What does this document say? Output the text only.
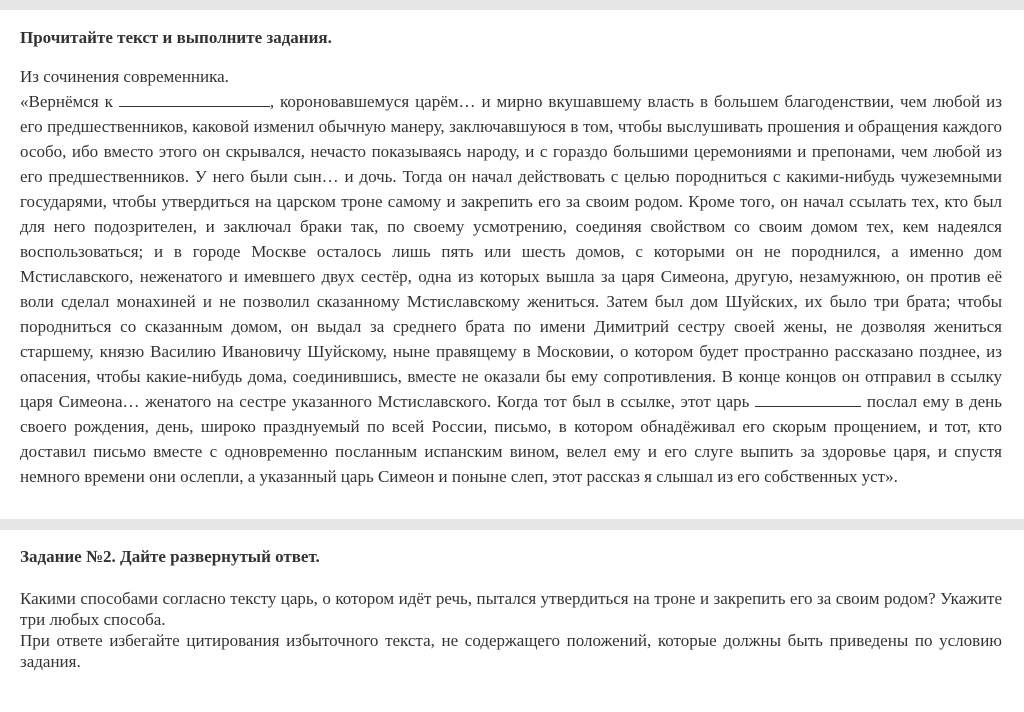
Прочитайте текст и выполните задания.

Из сочинения современника.

«Вернёмся к	, короновавшемуся царём… и мирно вкушавшему власть в большем благоденствии, чем любой из его предшественников, каковой изменил обычную манеру, заключавшуюся в том, чтобы выслушивать прошения и обращения каждого особо, ибо вместо этого он скрывался, нечасто показываясь народу, и с гораздо большими церемониями и препонами, чем любой из его предшественников. У него были сын… и дочь. Тогда он начал действовать с целью породниться с какими-нибудь чужеземными государями, чтобы утвердиться на царском троне самому и закрепить его за своим родом. Кроме того, он начал ссылать тех, кто был для него подозрителен, и заключал браки так, по своему усмотрению, соединяя свойством со своим домом тех, кем надеялся воспользоваться; и в городе Москве осталось лишь пять или шесть домов, с которыми он не породнился, а именно дом Мстиславского, неженатого и имевшего двух сестёр, одна из которых вышла за царя Симеона, другую, незамужнюю, он против её воли сделал монахиней и не позволил сказанному Мстиславскому жениться. Затем был дом Шуйских, их было три брата; чтобы породниться со сказанным домом, он выдал за среднего брата по имени Димитрий сестру своей жены, не дозволяя жениться старшему, князю Василию Ивановичу Шуйскому, ныне правящему в Московии, о котором будет пространно рассказано позднее, из опасения, чтобы какие-нибудь дома, соединившись, вместе не оказали бы ему сопротивления. В конце концов он отправил в ссылку царя Симеона… женатого на сестре указанного Мстиславского. Когда тот был в ссылке, этот царь	послал ему в день своего рождения, день, широко празднуемый по всей России, письмо, в котором обнадёживал его скорым прощением, и тот, кто доставил письмо вместе с одновременно посланным испанским вином, велел ему и его слуге выпить за здоровье царя, и спустя немного времени они ослепли, а указанный царь Симеон и поныне слеп, этот рассказ я слышал из его собственных уст».

Задание №2. Дайте развернутый ответ.

Какими способами согласно тексту царь, о котором идёт речь, пытался утвердиться на троне и закрепить его за своим родом? Укажите три любых способа.

При ответе избегайте цитирования избыточного текста, не содержащего положений, которые должны быть приведены по условию задания.
